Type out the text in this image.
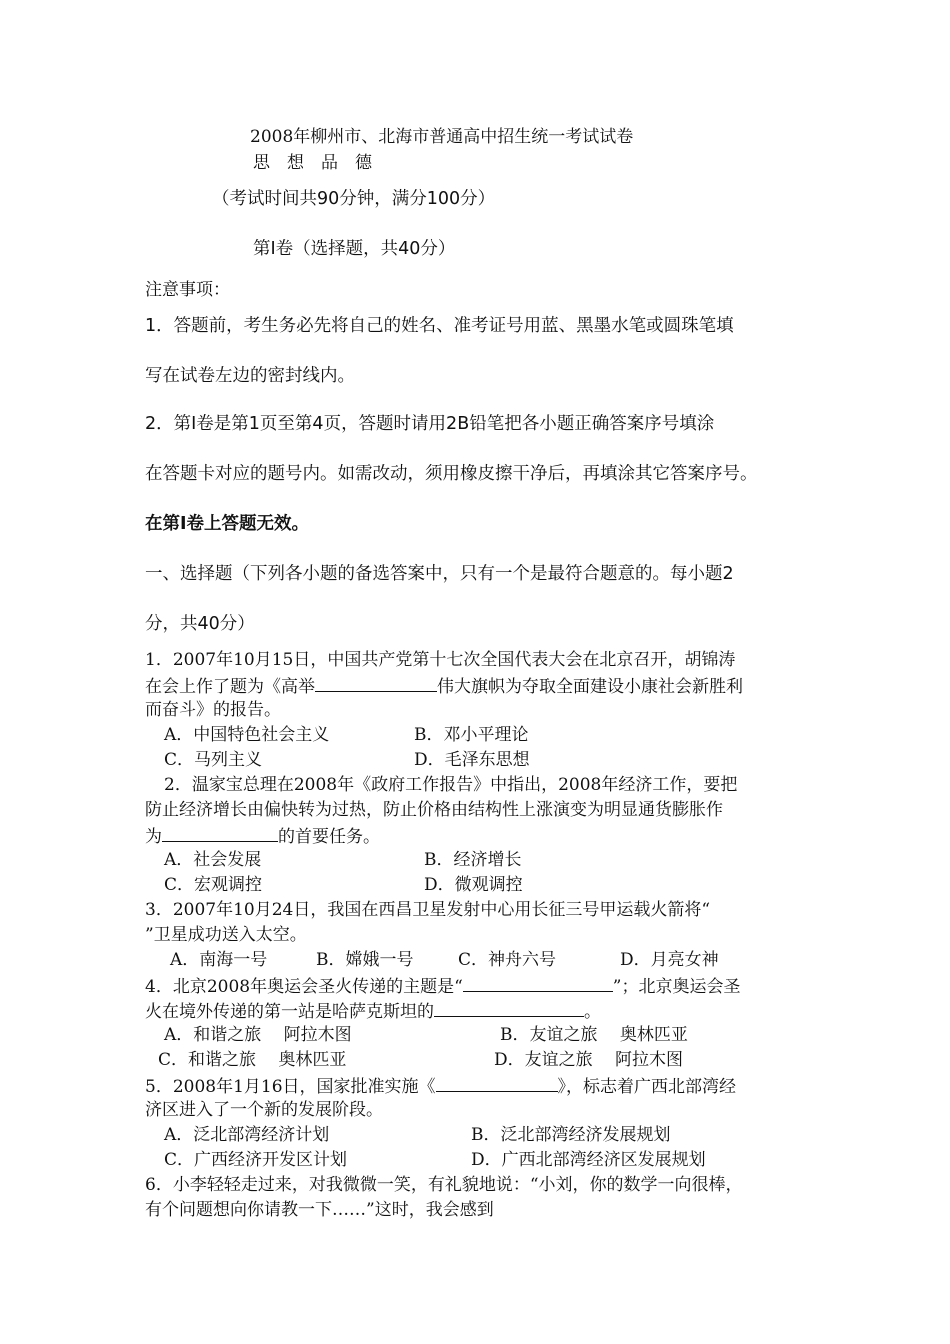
2008年柳州市、北海市普通高中招生统一考试试卷
思　想　品　德
（考试时间共90分钟，满分100分）
第Ⅰ卷（选择题，共40分）
注意事项：
1．答题前，考生务必先将自己的姓名、准考证号用蓝、黑墨水笔或圆珠笔填
写在试卷左边的密封线内。
2．第Ⅰ卷是第1页至第4页，答题时请用2B铅笔把各小题正确答案序号填涂
在答题卡对应的题号内。如需改动，须用橡皮擦干净后，再填涂其它答案序号。
在第Ⅰ卷上答题无效。
一、选择题（下列各小题的备选答案中，只有一个是最符合题意的。每小题2
分，共40分）
1．2007年10月15日，中国共产党第十七次全国代表大会在北京召开，胡锦涛
在会上作了题为《高举	伟大旗帜为夺取全面建设小康社会新胜利
而奋斗》的报告。
A．中国特色社会主义	B．邓小平理论
C．马列主义	D．毛泽东思想
2．温家宝总理在2008年《政府工作报告》中指出，2008年经济工作，要把
防止经济增长由偏快转为过热，防止价格由结构性上涨演变为明显通货膨胀作
为	的首要任务。
A．社会发展	B．经济增长
C．宏观调控	D．微观调控
3．2007年10月24日，我国在西昌卫星发射中心用长征三号甲运载火箭将“
”卫星成功送入太空。
A．南海一号	B．嫦娥一号	C．神舟六号	D．月亮女神
4．北京2008年奥运会圣火传递的主题是“	”；北京奥运会圣
火在境外传递的第一站是哈萨克斯坦的	。
A．和谐之旅　 阿拉木图	B．友谊之旅　 奥林匹亚
C．和谐之旅　 奥林匹亚	D．友谊之旅　 阿拉木图
5．2008年1月16日，国家批准实施《	》，标志着广西北部湾经
济区进入了一个新的发展阶段。
A．泛北部湾经济计划	B．泛北部湾经济发展规划
C．广西经济开发区计划	D．广西北部湾经济区发展规划
6．小李轻轻走过来，对我微微一笑，有礼貌地说：“小刘，你的数学一向很棒，
有个问题想向你请教一下……”这时，我会感到
